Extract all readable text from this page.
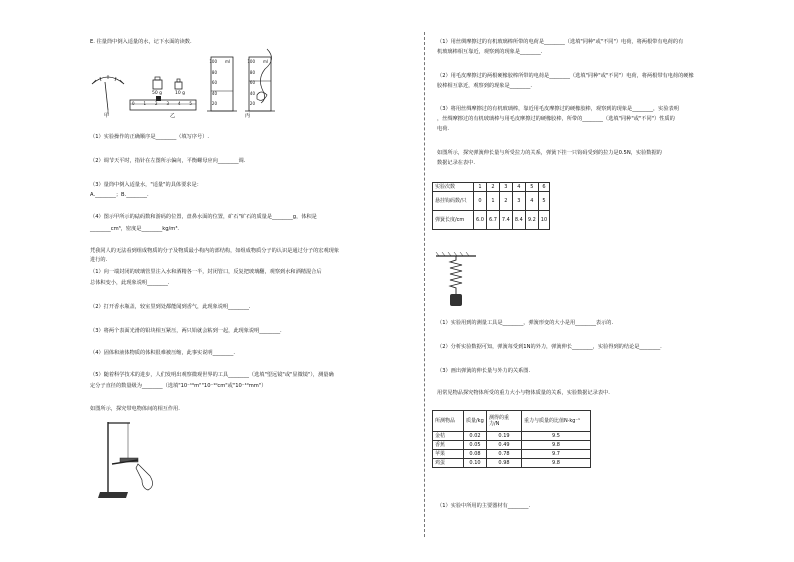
E. 往量筒中倒入适量的水，记下水面的读数.
甲
50 g	10 g
0 1 2 3 4 5
乙
100
80
60
40
20
ml	100
80
60
40
20
ml
丙
（1）实验操作的正确顺序是________（填写序号）.
（2）调节天平时，指针在左图所示偏向，平衡螺母应向________调.
（3）量筒中倒入适量水，"适量"的具体要求是：
A.________；B.________.
（4）图示甲所示的砝码数和游码的位置，盘鼻水面的位置，矿石"矿石的质量是________g，体积是
________cm³，密度是________kg/m³.
凭我同人的无法看到组成物质的分子及物质最小构内的部结构，如组成物质分子的认识是通过分子的宏观现象
进行的.
（1）向一端封闭的玻璃管里注入水和酒精各一半，封闭管口，反复把玻璃翻，观察到水和酒精混合后
总体积变小，此现象说明________.
（2）打开香水瓶盖，较室里到处都能闻到香气，此现象说明________.
（3）将两个表面光滑的铅块相互紧压，两只铅就会粘到一起，此现象说明________.
（4）固体和液体物质的体积很难被压缩，此事实说明________.
（5）随着科学技术的进步，人们发明出观察微观世界的工具________（选填"望远镜"或"显微镜"），测量确
定分子直径的数量级为________（选填"10⁻¹⁰m""10⁻¹⁰cm"或"10⁻¹⁰mm"）
如图所示，探究带电物体间的相互作用.
（1）用丝绸摩擦过的有机玻璃棒所带的电荷是________（选填"同种"或"不同"）电荷，将两根带有电荷的有
机玻璃棒相互靠近，观察到的现象是________.
（2）用毛皮摩擦过的两根硬橡胶棒所带的电荷是________（选填"同种"或"不同"）电荷，将两根带有电荷的硬橡
胶棒相互靠近，观察到的现象是________.
（3）将用丝绸摩擦过的有机玻璃棒，靠近用毛皮摩擦过的硬橡胶棒，观察到的现象是________，实验表明
，丝绸摩擦过的有机玻璃棒与用毛皮摩擦过的硬橡胶棒，所带的________（选填"同种"或"不同"）性质的
电荷.
如图所示，探究弹簧伸长量与所受拉力的关系，弹簧下挂一只钩码受到的拉力是0.5N，实验数据的
数据记录在表中.
实验次数	1	2	3	4	5	6
悬挂钩码数/只	0	1	2	3	4	5
弹簧长度/cm	6.0	6.7	7.4	8.4	9.2	10
（1）实验用到的测量工具是________，弹簧形变的大小是用________表示的.
（2）分析实验数据可知，弹簧每受到1N的外力，弹簧伸长________，实验得到的结论是________.
（3）画出弹簧的伸长量与外力的关系图.
用常见物品探究物体所受的重力大小与物体质量的关系，实验数据记录表中.
所测物品	质量/kg	测得的重力/N	重力与质量的比值N·kg⁻¹
金桔	0.02	0.19	9.5
香蕉	0.05	0.49	9.8
苹果	0.08	0.78	9.7
鸡蛋	0.10	0.98	9.8
（1）实验中所用的主要器材有________.
